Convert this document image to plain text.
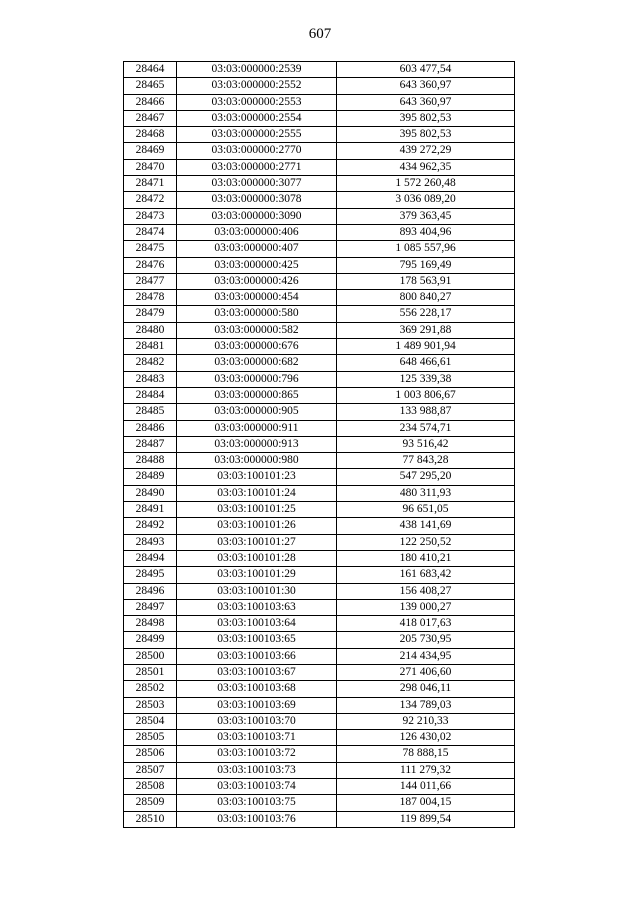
607
28464	03:03:000000:2539	603 477,54
28465	03:03:000000:2552	643 360,97
28466	03:03:000000:2553	643 360,97
28467	03:03:000000:2554	395 802,53
28468	03:03:000000:2555	395 802,53
28469	03:03:000000:2770	439 272,29
28470	03:03:000000:2771	434 962,35
28471	03:03:000000:3077	1 572 260,48
28472	03:03:000000:3078	3 036 089,20
28473	03:03:000000:3090	379 363,45
28474	03:03:000000:406	893 404,96
28475	03:03:000000:407	1 085 557,96
28476	03:03:000000:425	795 169,49
28477	03:03:000000:426	178 563,91
28478	03:03:000000:454	800 840,27
28479	03:03:000000:580	556 228,17
28480	03:03:000000:582	369 291,88
28481	03:03:000000:676	1 489 901,94
28482	03:03:000000:682	648 466,61
28483	03:03:000000:796	125 339,38
28484	03:03:000000:865	1 003 806,67
28485	03:03:000000:905	133 988,87
28486	03:03:000000:911	234 574,71
28487	03:03:000000:913	93 516,42
28488	03:03:000000:980	77 843,28
28489	03:03:100101:23	547 295,20
28490	03:03:100101:24	480 311,93
28491	03:03:100101:25	96 651,05
28492	03:03:100101:26	438 141,69
28493	03:03:100101:27	122 250,52
28494	03:03:100101:28	180 410,21
28495	03:03:100101:29	161 683,42
28496	03:03:100101:30	156 408,27
28497	03:03:100103:63	139 000,27
28498	03:03:100103:64	418 017,63
28499	03:03:100103:65	205 730,95
28500	03:03:100103:66	214 434,95
28501	03:03:100103:67	271 406,60
28502	03:03:100103:68	298 046,11
28503	03:03:100103:69	134 789,03
28504	03:03:100103:70	92 210,33
28505	03:03:100103:71	126 430,02
28506	03:03:100103:72	78 888,15
28507	03:03:100103:73	111 279,32
28508	03:03:100103:74	144 011,66
28509	03:03:100103:75	187 004,15
28510	03:03:100103:76	119 899,54
